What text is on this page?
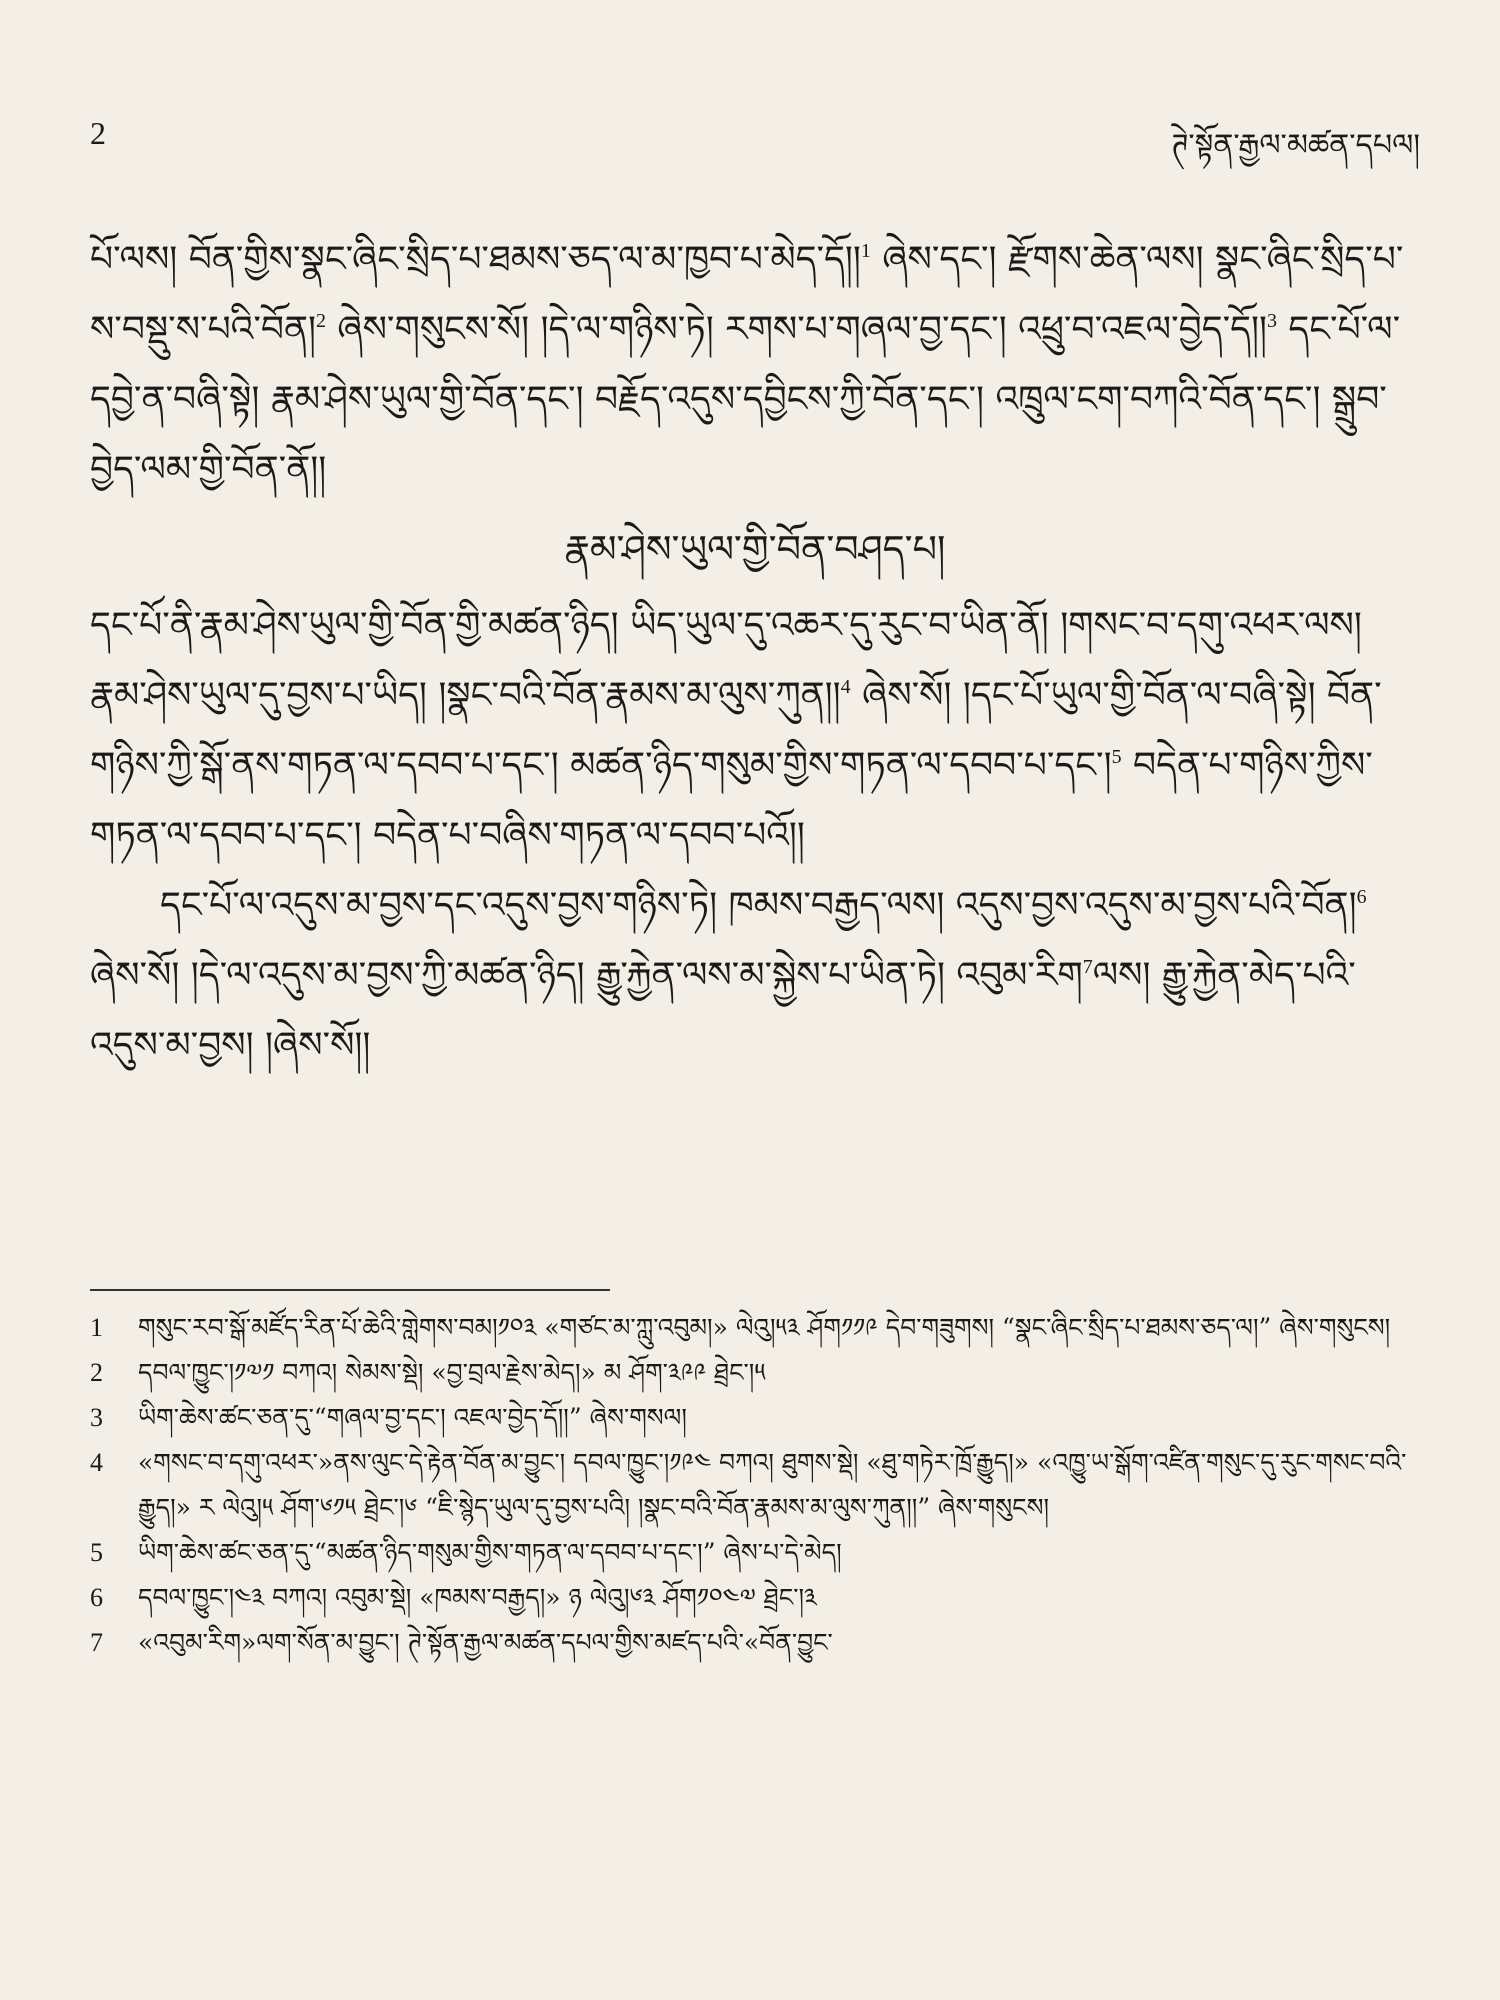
2	ཊེ་སྟོན་རྒྱལ་མཚན་དཔལ།

པོ་ལས། བོན་གྱིས་སྣང་ཞིང་སྲིད་པ་ཐམས་ཅད་ལ་མ་ཁྱབ་པ་མེད་དོ།།$^1$ ཞེས་དང་། རྫོགས་ཆེན་ལས། སྣང་ཞིང་སྲིད་པ་ས་བསྡུ་ས་པའི་བོན།$^2$ ཞེས་གསུངས་སོ། །དེ་ལ་གཉིས་ཏེ། རགས་པ་གཞལ་བྱ་དང་། འཕྲུ་བ་འཇལ་བྱེད་དོ།།$^3$ དང་པོ་ལ་དབྱེ་ན་བཞི་སྟེ། རྣམ་ཤེས་ཡུལ་གྱི་བོན་དང་། བརྗོད་འདུས་དབྱིངས་ཀྱི་བོན་དང་། འཁྲུལ་ངག་བཀའི་བོན་དང་། སྒྲུབ་བྱེད་ལམ་གྱི་བོན་ནོ།།

རྣམ་ཤེས་ཡུལ་གྱི་བོན་བཤད་པ།

དང་པོ་ནི་རྣམ་ཤེས་ཡུལ་གྱི་བོན་གྱི་མཚན་ཉིད། ཡིད་ཡུལ་དུ་འཆར་དུ་རུང་བ་ཡིན་ནོ། །གསང་བ་དགུ་འཕར་ལས། རྣམ་ཤེས་ཡུལ་དུ་བྱས་པ་ཡིད། །སྣང་བའི་བོན་རྣམས་མ་ལུས་ཀུན།།$^4$ ཞེས་སོ། །དང་པོ་ཡུལ་གྱི་བོན་ལ་བཞི་སྟེ། བོན་གཉིས་ཀྱི་སྒོ་ནས་གཏན་ལ་དབབ་པ་དང་། མཚན་ཉིད་གསུམ་གྱིས་གཏན་ལ་དབབ་པ་དང་།$^5$ བདེན་པ་གཉིས་ཀྱིས་གཏན་ལ་དབབ་པ་དང་། བདེན་པ་བཞིས་གཏན་ལ་དབབ་པའོ།།

དང་པོ་ལ་འདུས་མ་བྱས་དང་འདུས་བྱས་གཉིས་ཏེ། ཁམས་བརྒྱད་ལས། འདུས་བྱས་འདུས་མ་བྱས་པའི་བོན།$^6$ ཞེས་སོ། །དེ་ལ་འདུས་མ་བྱས་ཀྱི་མཚན་ཉིད། རྒྱུ་རྐྱེན་ལས་མ་སྐྱེས་པ་ཡིན་ཏེ། འབུམ་རིག$^7$ལས། རྒྱུ་རྐྱེན་མེད་པའི་འདུས་མ་བྱས། །ཞེས་སོ།།

1	གསུང་རབ་སྒོ་མཛོད་རིན་པོ་ཆེའི་གླེགས་བམ།༡༠༣ «གཙང་མ་ཀླུ་འབུམ།» ལེའུ།༥༣ ཤོག༡༡༩ དེབ་གཟུགས། “སྣང་ཞིང་སྲིད་པ་ཐམས་ཅད་ལ།” ཞེས་གསུངས།
2	དབལ་ཁྱུང་།༡༧༡ བཀའ། སེམས་སྡེ། «བྱ་བྲལ་རྗེས་མེད།» མ ཤོག་༣༩༩ ཐྲེང་།༥
3	ཡིག་ཆེས་ཚང་ཅན་དུ་“གཞལ་བྱ་དང་། འཇལ་བྱེད་དོ།།” ཞེས་གསལ།
4	«གསང་བ་དགུ་འཕར་»ནས་ལུང་དེ་རྟེན་བོན་མ་བྱུང་། དབལ་ཁྱུང་།༡༩༤ བཀའ། ཐུགས་སྡེ། «ཐུ་གཏེར་ཁྲོ་རྒྱུད།» «འཁྱུ་ཡ་སྒོག་འཛིན་གསུང་དུ་རུང་གསང་བའི་རྒྱུད།» ར ལེའུ།༥ ཤོག་༦༡༥ ཐྲེང་།༦ “ཇི་སྙེད་ཡུལ་དུ་བྱས་པའི། །སྣང་བའི་བོན་རྣམས་མ་ལུས་ཀུན།།” ཞེས་གསུངས།
5	ཡིག་ཆེས་ཚང་ཅན་དུ་“མཚན་ཉིད་གསུམ་གྱིས་གཏན་ལ་དབབ་པ་དང་།” ཞེས་པ་དེ་མེད།
6	དབལ་ཁྱུང་།༤༣ བཀའ། འབུམ་སྡེ། «ཁམས་བརྒྱད།» ཉ ལེའུ།༦༣ ཤོག༡༠༤༧ ཐྲེང་།༣
7	«འབུམ་རིག»ལག་སོན་མ་བྱུང་། ཊེ་སྟོན་རྒྱལ་མཚན་དཔལ་གྱིས་མཛད་པའི་«བོན་བྱུང་
